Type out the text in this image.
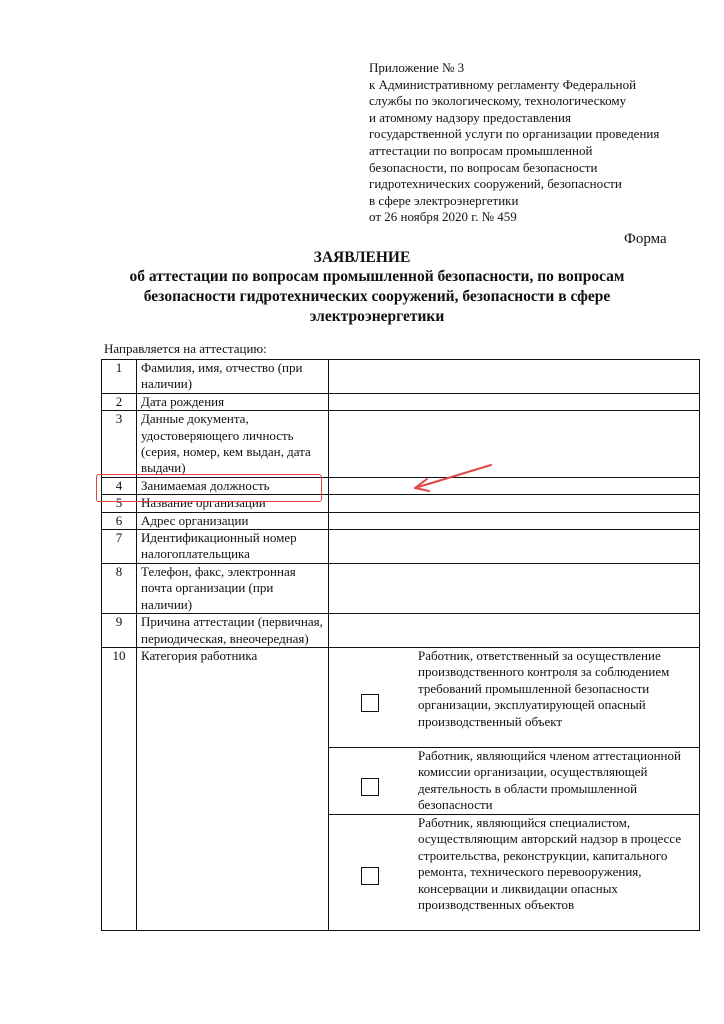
Приложение № 3
к Административному регламенту Федеральной
службы по экологическому, технологическому
и атомному надзору предоставления
государственной услуги по организации проведения
аттестации по вопросам промышленной
безопасности, по вопросам безопасности
гидротехнических сооружений, безопасности
в сфере электроэнергетики
от 26 ноября 2020 г. № 459
Форма
ЗАЯВЛЕНИЕ
об аттестации по вопросам промышленной безопасности, по вопросам
безопасности гидротехнических сооружений, безопасности в сфере
электроэнергетики
Направляется на аттестацию:
1	Фамилия, имя, отчество (при наличии)	
2	Дата рождения	
3	Данные документа, удостоверяющего личность (серия, номер, кем выдан, дата выдачи)	
4	Занимаемая должность	
5	Название организации	
6	Адрес организации	
7	Идентификационный номер налогоплательщика	
8	Телефон, факс, электронная почта организации (при наличии)	
9	Причина аттестации (первичная, периодическая, внеочередная)	
10	Категория работника	Работник, ответственный за осуществление производственного контроля за соблюдением требований промышленной безопасности организации, эксплуатирующей опасный производственный объект
Работник, являющийся членом аттестационной комиссии организации, осуществляющей деятельность в области промышленной безопасности
Работник, являющийся специалистом, осуществляющим авторский надзор в процессе строительства, реконструкции, капитального ремонта, технического перевооружения, консервации и ликвидации опасных производственных объектов
